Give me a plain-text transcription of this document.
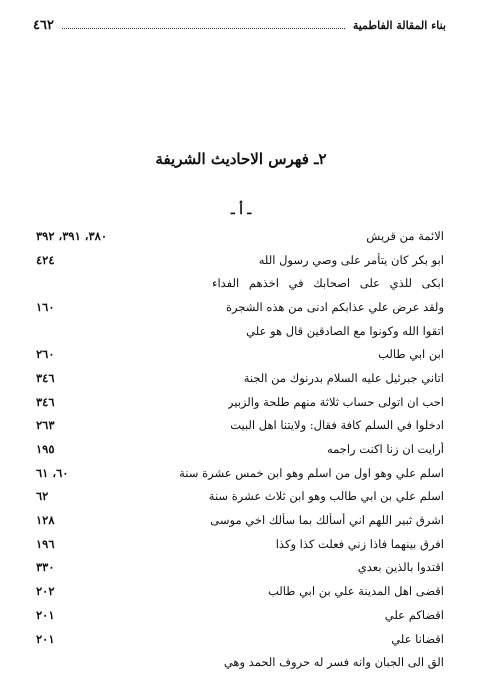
بناء المقالة الفاطمية
٤٦٢
٢ـ فهرس الاحاديث الشريفة
ـ أ ـ
الائمة من قريش
٣٨٠، ٣٩١، ٣٩٢
ابو بكر كان يتأمر على وصي رسول الله
٤٢٤
ابكى للذي على اصحابك في اخذهم الفداء
ولقد عرض علي عذابكم ادنى من هذه الشجرة
١٦٠
اتقوا الله وكونوا مع الصادقين قال هو علي
ابن ابي طالب
٢٦٠
اتاني جبرئيل عليه السلام بدرنوك من الجنة
٣٤٦
احب ان اتولى حساب ثلاثة منهم طلحة والزبير
٣٤٦
ادخلوا في السلم كافة فقال: ولايتنا اهل البيت
٢٦٣
أرايت ان زنا اكنت راجمه
١٩٥
اسلم علي وهو اول من اسلم وهو ابن خمس عشرة سنة
٦٠، ٦١
اسلم علي بن ابي طالب وهو ابن ثلاث عشرة سنة
٦٢
اشرق ثبير اللهم اني أسألك بما سألك اخي موسى
١٢٨
افرق بينهما فاذا زني فعلت كذا وكذا
١٩٦
اقتدوا بالذين بعدي
٣٣٠
اقضى اهل المدينة علي بن ابي طالب
٢٠٢
اقضاكم علي
٢٠١
اقضانا علي
٢٠١
الق الى الجبان وانه فسر له حروف الحمد وهي
